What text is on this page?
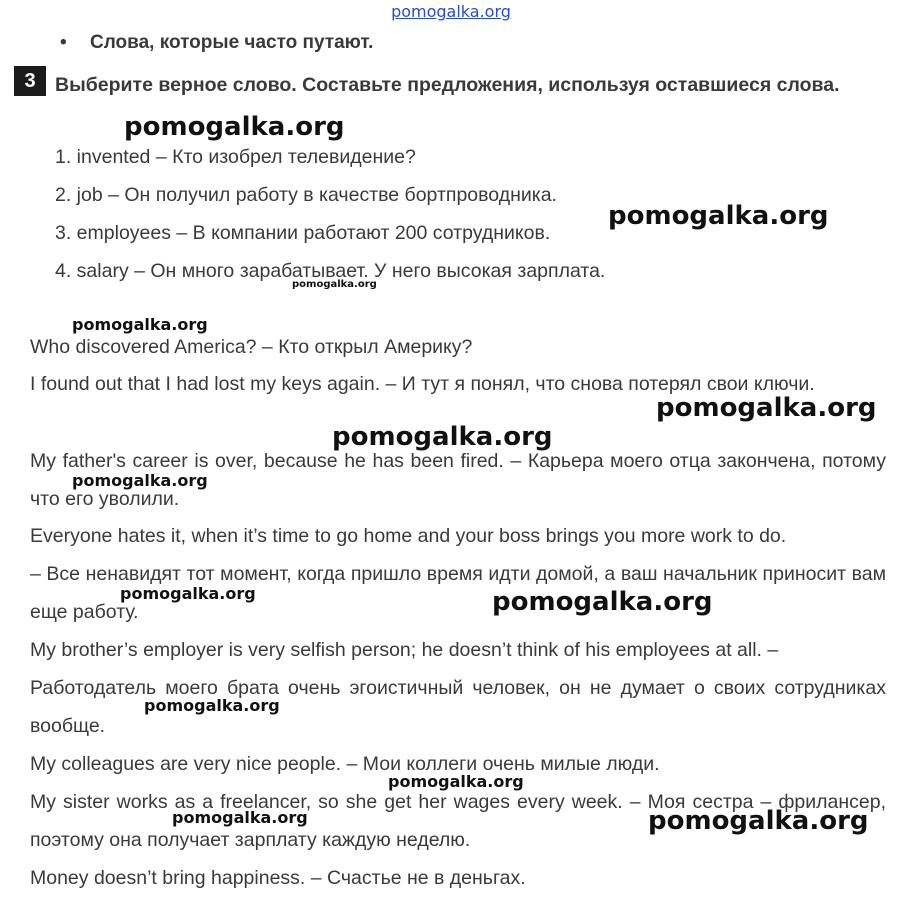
pomogalka.org
• Слова, которые часто путают.
3 Выберите верное слово. Составьте предложения, используя оставшиеся слова.
1. invented – Кто изобрел телевидение?
2. job – Он получил работу в качестве бортпроводника.
3. employees – В компании работают 200 сотрудников.
4. salary – Он много зарабатывает. У него высокая зарплата.
Who discovered America? – Кто открыл Америку?
I found out that I had lost my keys again. – И тут я понял, что снова потерял свои ключи.
My father's career is over, because he has been fired. – Карьера моего отца закончена, потому что его уволили.
Everyone hates it, when it’s time to go home and your boss brings you more work to do.
– Все ненавидят тот момент, когда пришло время идти домой, а ваш начальник приносит вам еще работу.
My brother’s employer is very selfish person; he doesn’t think of his employees at all. –
Работодатель моего брата очень эгоистичный человек, он не думает о своих сотрудниках вообще.
My colleagues are very nice people. – Мои коллеги очень милые люди.
My sister works as a freelancer, so she get her wages every week. – Моя сестра – фрилансер, поэтому она получает зарплату каждую неделю.
Money doesn’t bring happiness. – Счастье не в деньгах.
pomogalka.org
pomogalka.org
pomogalka.org
pomogalka.org
pomogalka.org
pomogalka.org
pomogalka.org
pomogalka.org	pomogalka.org
pomogalka.org
pomogalka.org
pomogalka.org	pomogalka.org
